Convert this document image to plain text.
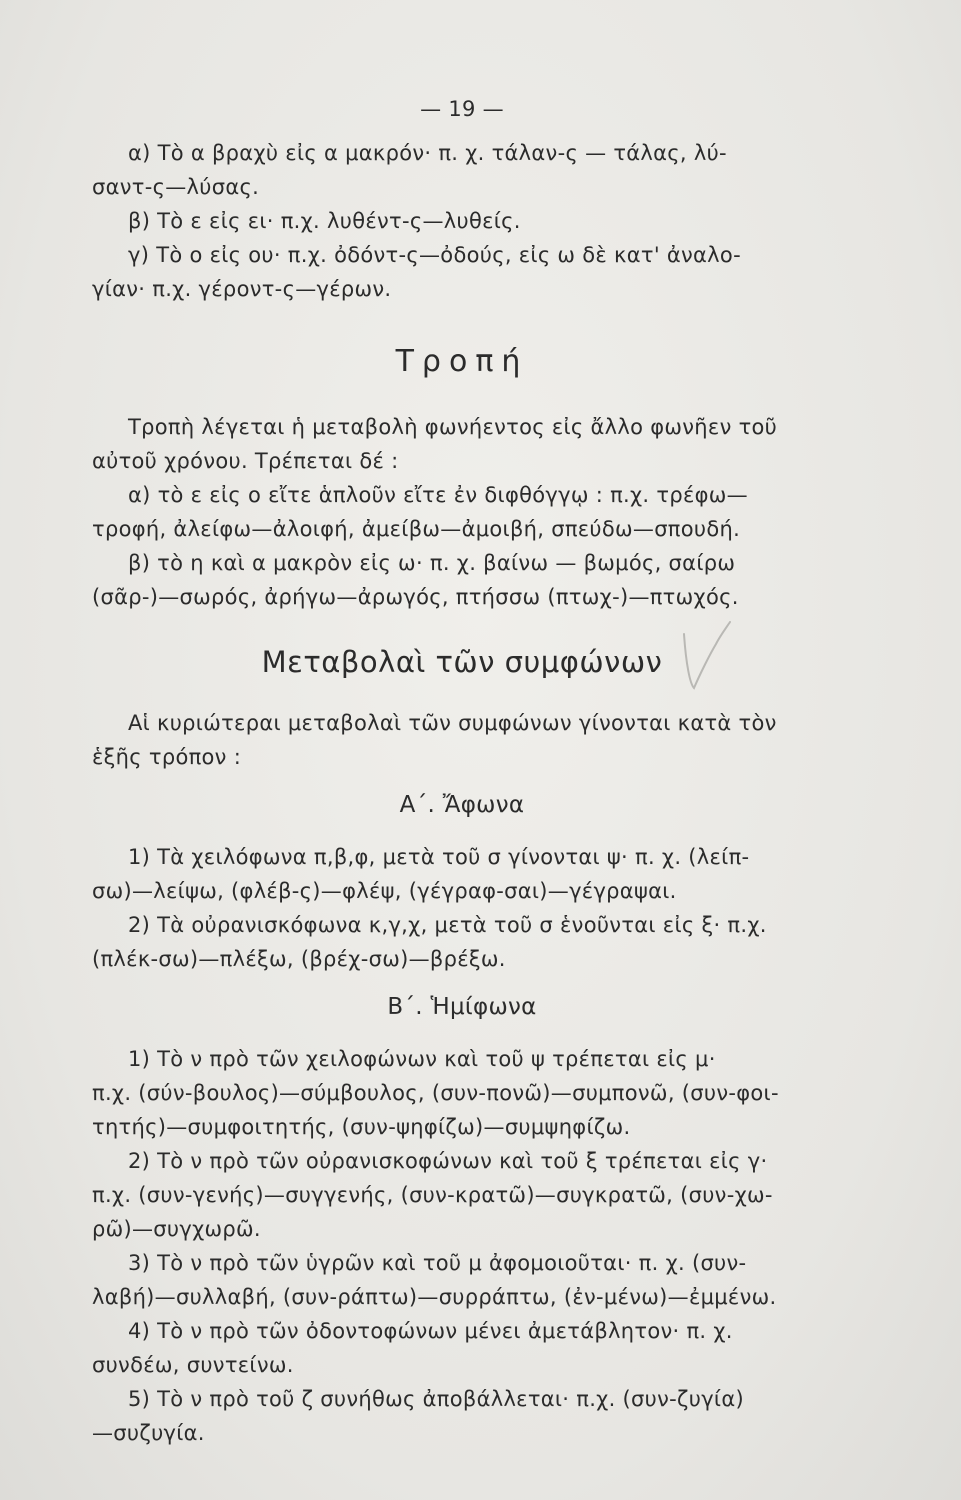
— 19 —

α) Τὸ α βραχὺ εἰς α μακρόν· π. χ. τάλαν-ς — τάλας, λύ-

σαντ-ς—λύσας.

β) Τὸ ε εἰς ει· π.χ. λυθέντ-ς—λυθείς.

γ) Τὸ ο εἰς ου· π.χ. ὀδόντ-ς—ὀδούς, εἰς ω δὲ κατ' ἀναλο-

γίαν· π.χ. γέροντ-ς—γέρων.

Τροπή

Τροπὴ λέγεται ἡ μεταβολὴ φωνήεντος εἰς ἄλλο φωνῆεν τοῦ

αὐτοῦ χρόνου. Τρέπεται δέ :

α) τὸ ε εἰς ο εἴτε ἁπλοῦν εἴτε ἐν διφθόγγῳ : π.χ. τρέφω—

τροφή, ἀλείφω—ἀλοιφή, ἀμείβω—ἀμοιβή, σπεύδω—σπουδή.

β) τὸ η καὶ α μακρὸν εἰς ω· π. χ. βαίνω — βωμός, σαίρω

(σᾶρ-)—σωρός, ἀρήγω—ἀρωγός, πτήσσω (πτωχ-)—πτωχός.

Μεταβολαὶ τῶν συμφώνων

Αἱ κυριώτεραι μεταβολαὶ τῶν συμφώνων γίνονται κατὰ τὸν

ἑξῆς τρόπον :

Α΄. Ἄφωνα

1) Τὰ χειλόφωνα π,β,φ, μετὰ τοῦ σ γίνονται ψ· π. χ. (λείπ-

σω)—λείψω, (φλέβ-ς)—φλέψ, (γέγραφ-σαι)—γέγραψαι.

2) Τὰ οὐρανισκόφωνα κ,γ,χ, μετὰ τοῦ σ ἑνοῦνται εἰς ξ· π.χ.

(πλέκ-σω)—πλέξω, (βρέχ-σω)—βρέξω.

Β΄. Ἡμίφωνα

1) Τὸ ν πρὸ τῶν χειλοφώνων καὶ τοῦ ψ τρέπεται εἰς μ·

π.χ. (σύν-βουλος)—σύμβουλος, (συν-πονῶ)—συμπονῶ, (συν-φοι-

τητής)—συμφοιτητής, (συν-ψηφίζω)—συμψηφίζω.

2) Τὸ ν πρὸ τῶν οὐρανισκοφώνων καὶ τοῦ ξ τρέπεται εἰς γ·

π.χ. (συν-γενής)—συγγενής, (συν-κρατῶ)—συγκρατῶ, (συν-χω-

ρῶ)—συγχωρῶ.

3) Τὸ ν πρὸ τῶν ὑγρῶν καὶ τοῦ μ ἀφομοιοῦται· π. χ. (συν-

λαβή)—συλλαβή, (συν-ράπτω)—συρράπτω, (ἐν-μένω)—ἐμμένω.

4) Τὸ ν πρὸ τῶν ὀδοντοφώνων μένει ἀμετάβλητον· π. χ.

συνδέω, συντείνω.

5) Τὸ ν πρὸ τοῦ ζ συνήθως ἀποβάλλεται· π.χ. (συν-ζυγία)

—συζυγία.
